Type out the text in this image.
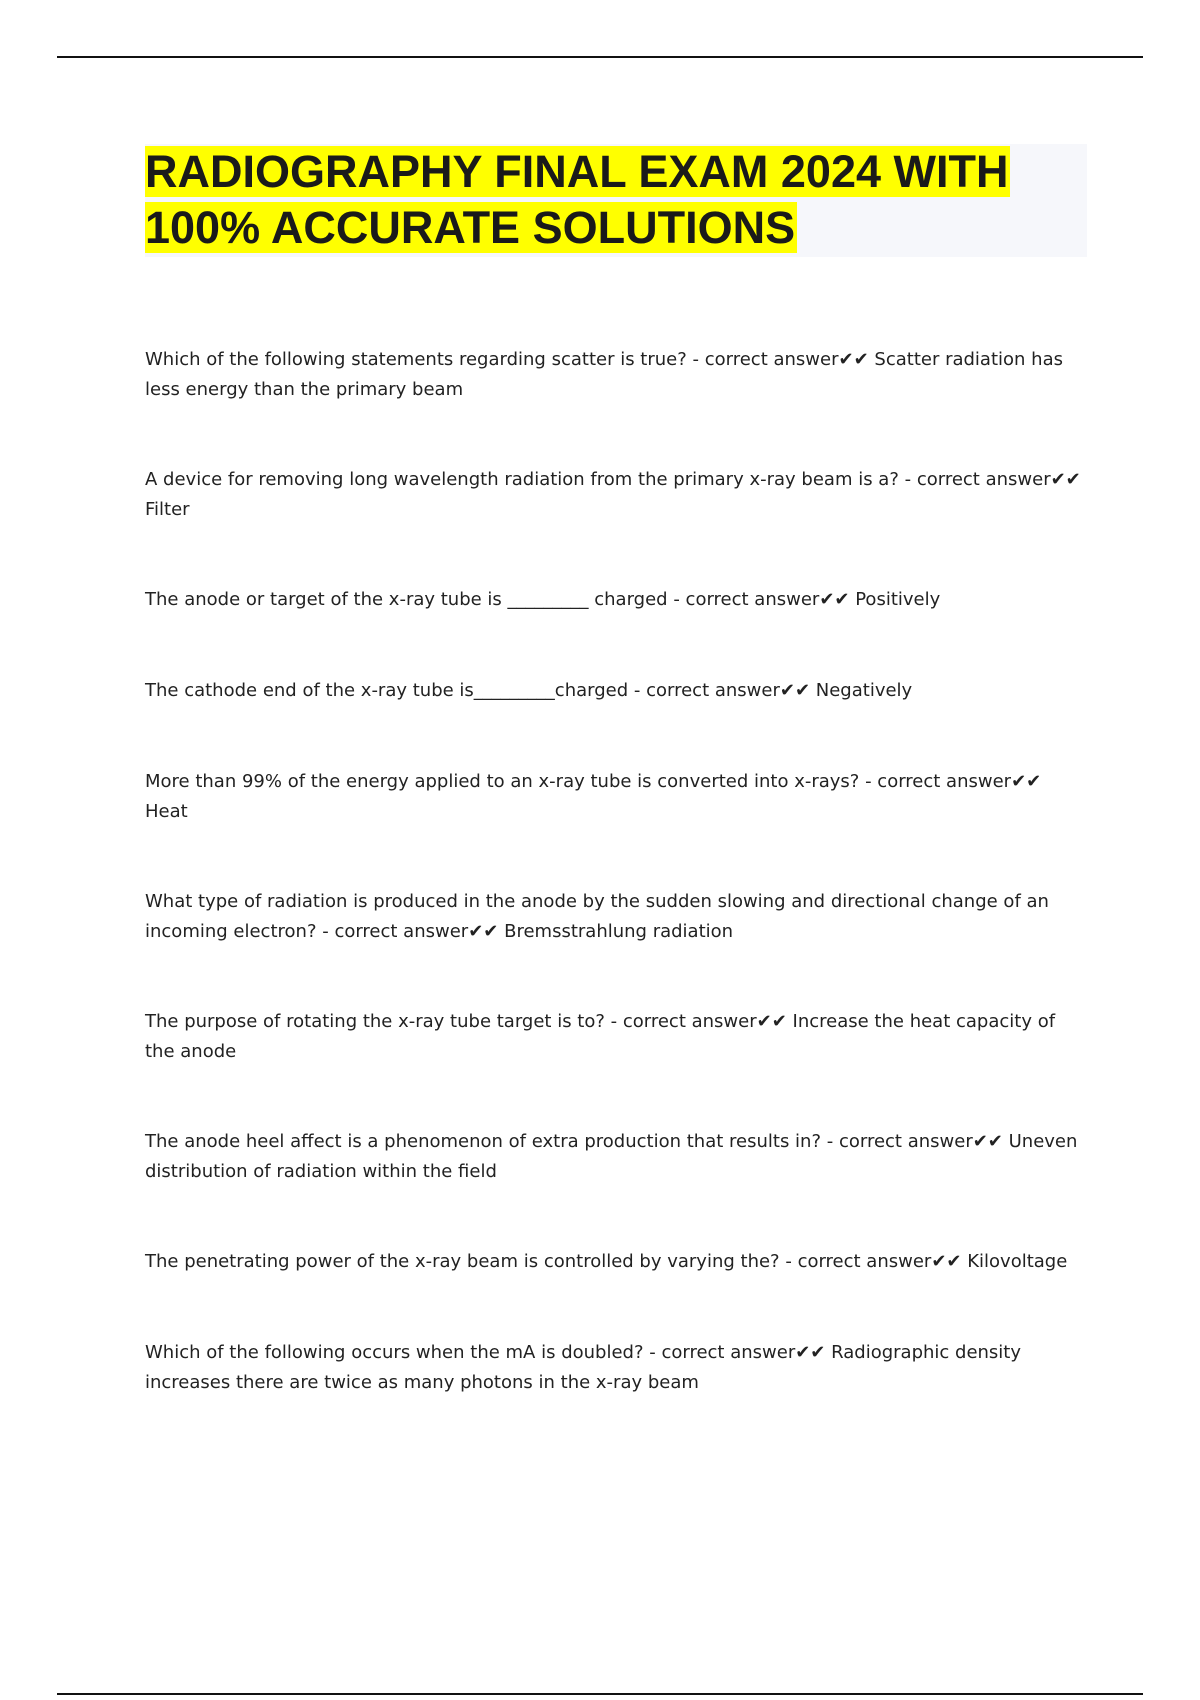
RADIOGRAPHY FINAL EXAM 2024 WITH 100% ACCURATE SOLUTIONS

Which of the following statements regarding scatter is true? - correct answer✔✔ Scatter radiation has less energy than the primary beam

A device for removing long wavelength radiation from the primary x-ray beam is a? - correct answer✔✔ Filter

The anode or target of the x-ray tube is _________ charged - correct answer✔✔ Positively

The cathode end of the x-ray tube is_________charged - correct answer✔✔ Negatively

More than 99% of the energy applied to an x-ray tube is converted into x-rays? - correct answer✔✔ Heat

What type of radiation is produced in the anode by the sudden slowing and directional change of an incoming electron? - correct answer✔✔ Bremsstrahlung radiation

The purpose of rotating the x-ray tube target is to? - correct answer✔✔ Increase the heat capacity of the anode

The anode heel affect is a phenomenon of extra production that results in? - correct answer✔✔ Uneven distribution of radiation within the field

The penetrating power of the x-ray beam is controlled by varying the? - correct answer✔✔ Kilovoltage

Which of the following occurs when the mA is doubled? - correct answer✔✔ Radiographic density increases there are twice as many photons in the x-ray beam
